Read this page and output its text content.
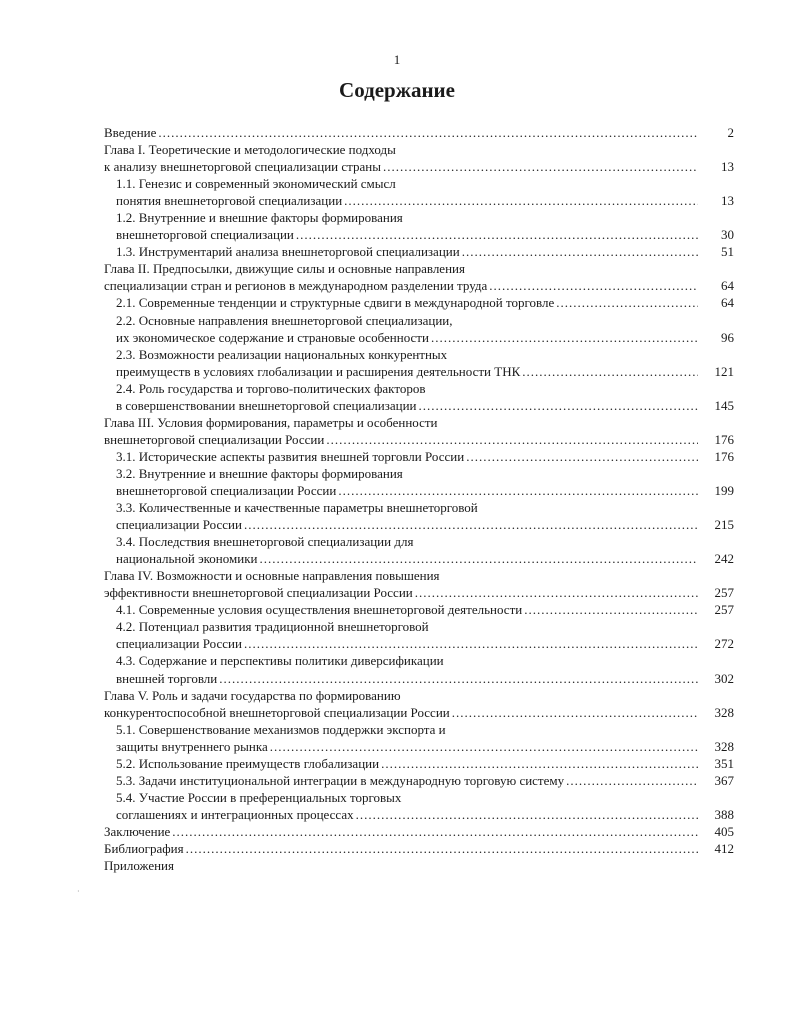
1
Содержание
Введение .....	2
Глава I. Теоретические и методологические подходы
к анализу внешнеторговой специализации страны .....	13
1.1. Генезис и современный экономический смысл
понятия внешнеторговой специализации .....	13
1.2. Внутренние и внешние факторы формирования
внешнеторговой специализации .....	30
1.3. Инструментарий анализа внешнеторговой специализации .....	51
Глава II. Предпосылки, движущие силы и основные направления
специализации стран и регионов в международном разделении труда .....	64
2.1. Современные тенденции и структурные сдвиги в международной торговле .....	64
2.2. Основные направления внешнеторговой специализации,
их экономическое содержание и страновые особенности .....	96
2.3. Возможности реализации национальных конкурентных
преимуществ в условиях глобализации и расширения деятельности ТНК .....	121
2.4. Роль государства и торгово-политических факторов
в совершенствовании внешнеторговой специализации .....	145
Глава III. Условия формирования, параметры и особенности
внешнеторговой специализации России .....	176
3.1. Исторические аспекты развития внешней торговли России .....	176
3.2. Внутренние и внешние факторы формирования
внешнеторговой специализации России .....	199
3.3. Количественные и качественные параметры внешнеторговой
специализации России .....	215
3.4. Последствия внешнеторговой специализации для
национальной экономики .....	242
Глава IV. Возможности и основные направления повышения
эффективности внешнеторговой специализации России .....	257
4.1. Современные условия осуществления внешнеторговой деятельности .....	257
4.2. Потенциал развития традиционной внешнеторговой
специализации России .....	272
4.3. Содержание и перспективы политики диверсификации
внешней торговли .....	302
Глава V. Роль и задачи государства по формированию
конкурентоспособной внешнеторговой специализации России .....	328
5.1. Совершенствование механизмов поддержки экспорта и
защиты внутреннего рынка .....	328
5.2. Использование преимуществ глобализации .....	351
5.3. Задачи институциональной интеграции в международную торговую систему .....	367
5.4. Участие России в преференциальных торговых
соглашениях и интеграционных процессах .....	388
Заключение .....	405
Библиография .....	412
Приложения
·
